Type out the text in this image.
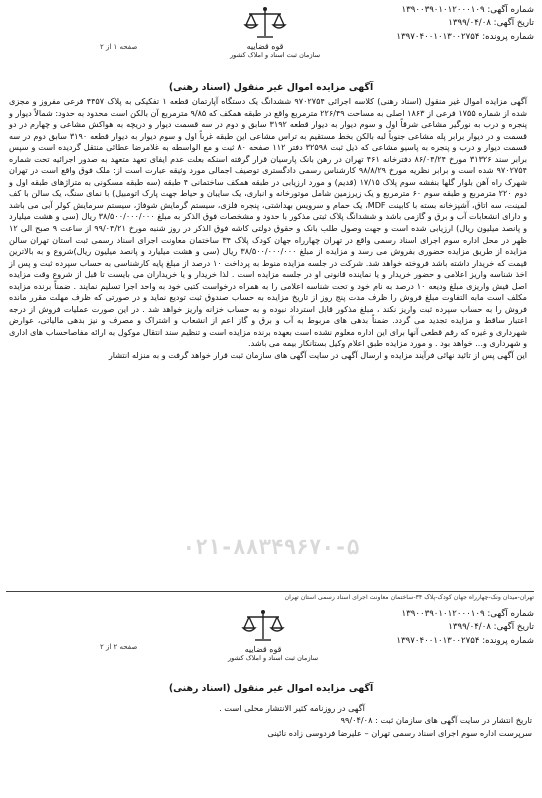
شماره آگهی: ۱۳۹۰۰۳۹۰۱۰۱۲۰۰۰۱۰۹
تاریخ آگهی: ۱۳۹۹/۰۴/۰۸
شماره پرونده: ۱۳۹۷۰۴۰۰۱۰۱۳۰۰۲۷۵۴
قوه قضاییه
سازمان ثبت اسناد و املاک کشور
صفحه ۱ از ۲
آگهی مزایده اموال غیر منقول (اسناد رهنی)

آگهی مزایده اموال غیر منقول (اسناد رهنی) کلاسه اجرائی ۹۷۰۲۷۵۴ ششدانگ یک دستگاه آپارتمان قطعه ۱ تفکیکی به پلاک ۴۴۵۷ فرعی مفروز و مجزی شده از شماره ۱۷۵۵ فرعی از ۱۸۶۳ اصلی به مساحت ۲۲۶/۴۹ مترمربع واقع در طبقه همکف که ۹/۸۵ مترمربع آن بالکن است محدود به حدود: شمالاً دیوار و پنجره و درب به نورگیر مشاعی شرقاً اول و سوم دیوار به دیوار قطعه ۳۱۹۲ سابق و دوم در سه قسمت دیوار و دریچه به هواکش مشاعی و چهارم در دو قسمت و در دیوار برابر پله مشاعی جنوباً لبه بالکن بخط مستقیم به تراس مشاعی این طبقه غرباً اول و سوم دیوار به دیوار قطعه ۳۱۹۰ سابق دوم در سه قسمت دیوار و درب و پنجره به پاسیو مشاعی که ذیل ثبت ۳۲۵۹۸ دفتر ۱۱۲ صفحه ۸۰ ثبت و مع الواسطه به غلامرضا عطائی منتقل گردیده است و سپس برابر سند ۳۱۳۲۶ مورخ ۸۶/۰۴/۲۴ دفترخانه ۴۶۱ تهران در رهن بانک پارسیان قرار گرفته اسنکه بعلت عدم ایفای تعهد متعهد به صدور اجرائیه تحت شماره ۹۷۰۲۷۵۴ شده است و برابر نظریه مورخ ۹۸/۸/۲۹ کارشناس رسمی دادگستری توصیف اجمالی مورد وثیقه عبارت است از: ملک فوق واقع است در تهران شهرک راه آهن بلوار گلها بنفشه سوم پلاک ۱۷/۱۵ (قدیم) و مورد ارزیابی در طبقه همکف ساختمانی ۴ طبقه (سه طبقه مسکونی به متراژهای طبقه اول و دوم ۲۲۰ مترمربع و طبقه سوم ۶۰ مترمربع و یک زیرزمین شامل موتورخانه و انباری، یک سایبان و حیاط جهت پارک اتومبیل) با نمای سنگ، یک سالن با کف لمینت، سه اتاق، آشپزخانه بسته با کابینت MDF، یک حمام و سرویس بهداشتی، پنجره فلزی، سیستم گرمایش شوفاژ، سیستم سرمایش کولر آبی می باشد و دارای انشعابات آب و برق و گازمی باشد و ششدانگ پلاک ثبتی مذکور با حدود و مشخصات فوق الذکر به مبلغ ۳۸/۵۰۰/۰۰۰/۰۰۰ ریال (سی و هشت میلیارد و پانصد میلیون ریال) ارزیابی شده است و جهت وصول طلب بانک و حقوق دولتی کاشه فوق الذکر در روز شنبه مورخ ۹۹/۰۴/۲۱ از ساعت ۹ صبح الی ۱۲ ظهر در محل اداره سوم اجرای اسناد رسمی واقع در تهران چهارراه جهان کودک پلاک ۳۴ ساختمان معاونت اجرای اسناد رسمی ثبت استان تهران سالن مزایده از طریق مزایده حضوری بفروش می رسد و مزایده از مبلغ ۳۸/۵۰۰/۰۰۰/۰۰۰ ریال (سی و هشت میلیارد و پانصد میلیون ریال)شروع و به بالاترین قیمت که خریدار داشته باشد فروخته خواهد شد. شرکت در جلسه مزایده منوط به پرداخت ۱۰ درصد از مبلغ پایه کارشناسی به حساب سپرده ثبت و پس از اخذ شناسه واریز اعلامی و حضور خریدار و یا نماینده قانونی او در جلسه مزایده است . لذا خریدار و یا خریداران می بایست تا قبل از شروع وقت مزایده اصل فیش واریزی مبلغ ودیعه ۱۰ درصد به نام خود و تحت شناسه اعلامی را به همراه درخواست کتبی خود به واحد اجرا تسلیم نمایند . ضمناً برنده مزایده مکلف است مابه التفاوت مبلغ فروش را ظرف مدت پنج روز از تاریخ مزایده به حساب صندوق ثبت تودیع نماید و در صورتی که ظرف مهلت مقرر مانده فروش را به حساب سپرده ثبت واریز نکند ، مبلغ مذکور قابل استرداد نبوده و به حساب خزانه واریز خواهد شد . در این صورت عملیات فروش از درجه اعتبار ساقط و مزایده تجدید می گردد. ضمناً بدهی های مربوط به آب و برق و گاز اعم از انشعاب و اشتراک و مصرف و نیز بدهی مالیاتی، عوارض شهرداری و غیره که رقم قطعی آنها برای این اداره معلوم نشده است بعهده برنده مزایده است و تنظیم سند انتقال موکول به ارائه مفاصاحساب های اداری و شهرداری و... خواهد بود . و مورد مزایده طبق اعلام وکیل بستانکار بیمه می باشد.

این آگهی پس از تائید نهائی فرآیند مزایده و ارسال آگهی در سایت آگهی های سازمان ثبت قرار خواهد گرفت و به منزله انتشار

۰۲۱-۸۸۳۴۹۶۷۰-۵
تهران-میدان ونک-چهارراه جهان کودک-پلاک ۳۴-ساختمان معاونت اجرای اسناد رسمی استان تهران
شماره آگهی: ۱۳۹۰۰۳۹۰۱۰۱۲۰۰۰۱۰۹
تاریخ آگهی: ۱۳۹۹/۰۴/۰۸
شماره پرونده: ۱۳۹۷۰۴۰۰۱۰۱۳۰۰۲۷۵۴
قوه قضاییه
سازمان ثبت اسناد و املاک کشور
صفحه ۲ از ۲
آگهی مزایده اموال غیر منقول (اسناد رهنی)
آگهی در روزنامه کثیر الانتشار محلی است .
تاریخ انتشار در سایت آگهی های سازمان ثبت : ۹۹/۰۴/۰۸
سرپرست اداره سوم اجرای اسناد رسمی تهران – علیرضا فردوسی زاده نائینی
